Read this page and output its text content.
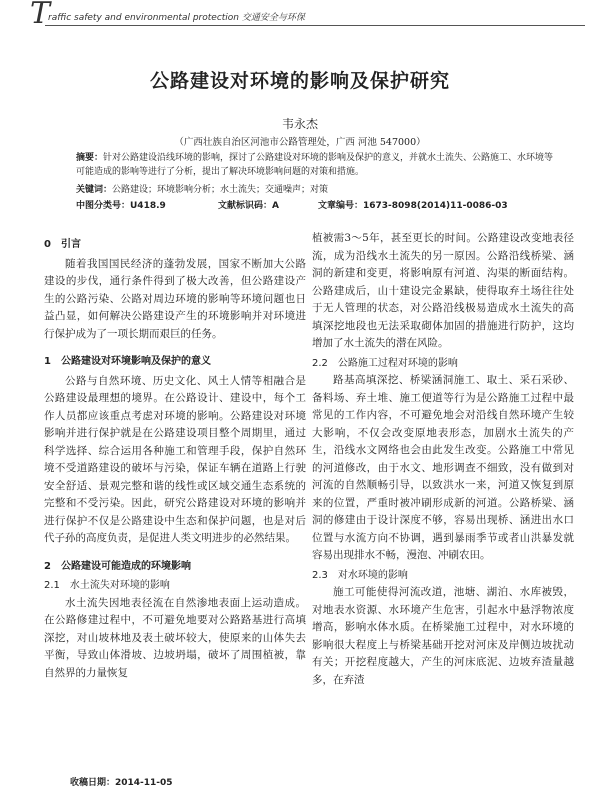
T
raffic safety and environmental protection 交通安全与环保
公路建设对环境的影响及保护研究
韦永杰
（广西壮族自治区河池市公路管理处，广西 河池 547000）
摘要：针对公路建设沿线环境的影响，探讨了公路建设对环境的影响及保护的意义，并就水土流失、公路施工、水环境等可能造成的影响等进行了分析，提出了解决环境影响问题的对策和措施。
关键词：公路建设；环境影响分析；水土流失；交通噪声；对策
中图分类号：U418.9	文献标识码：A	文章编号：1673-8098(2014)11-0086-03
0　引言

随着我国国民经济的蓬勃发展，国家不断加大公路建设的步伐，通行条件得到了极大改善，但公路建设产生的公路污染、公路对周边环境的影响等环境问题也日益凸显，如何解决公路建设产生的环境影响并对环境进行保护成为了一项长期而艰巨的任务。

1　公路建设对环境影响及保护的意义

公路与自然环境、历史文化、风土人情等相融合是公路建设最理想的境界。在公路设计、建设中，每个工作人员都应该重点考虑对环境的影响。公路建设对环境影响并进行保护就是在公路建设项目整个周期里，通过科学选择、综合运用各种施工和管理手段，保护自然环境不受道路建设的破坏与污染，保证车辆在道路上行驶安全舒适、景观完整和谐的线性或区域交通生态系统的完整和不受污染。因此，研究公路建设对环境的影响并进行保护不仅是公路建设中生态和保护问题，也是对后代子孙的高度负责，是促进人类文明进步的必然结果。

2　公路建设可能造成的环境影响
2.1　水土流失对环境的影响

水土流失因地表径流在自然渗地表面上运动造成。在公路修建过程中，不可避免地要对公路路基进行高填深挖，对山坡林地及表土破坏较大，使原来的山体失去平衡，导致山体滑坡、边坡坍塌，破坏了周围植被，靠自然界的力量恢复

植被需3～5年，甚至更长的时间。公路建设改变地表径流，成为沿线水土流失的另一原因。公路沿线桥梁、涵洞的新建和变更，将影响原有河道、沟渠的断面结构。公路建成后，山十建设完金累缺，使得取弃土场往往处于无人管理的状态，对公路沿线极易造成水土流失的高填深挖地段也无法采取砌体加固的措施进行防护，这均增加了水土流失的潜在风险。

2.2　公路施工过程对环境的影响

路基高填深挖、桥梁涵洞施工、取土、采石采砂、备料场、弃土堆、施工便道等行为是公路施工过程中最常见的工作内容，不可避免地会对沿线自然环境产生较大影响，不仅会改变原地表形态，加剧水土流失的产生，沿线水文网络也会由此发生改变。公路施工中常见的河道修改，由于水文、地形调查不细致，没有做到对河流的自然顺畅引导，以致洪水一来，河道又恢复到原来的位置，严重时被冲刷形成新的河道。公路桥梁、涵洞的修建由于设计深度不够，容易出现桥、涵进出水口位置与水流方向不协调，遇到暴雨季节或者山洪暴发就容易出现排水不畅，漫泡、冲刷农田。

2.3　对水环境的影响

施工可能使得河流改道，池塘、湖泊、水库被毁，对地表水资源、水环境产生危害，引起水中悬浮物浓度增高，影响水体水质。在桥梁施工过程中，对水环境的影响很大程度上与桥梁基础开挖对河床及岸侧边坡扰动有关；开挖程度越大，产生的河床底泥、边坡弃渣量越多，在弃渣

收稿日期：2014-11-05
